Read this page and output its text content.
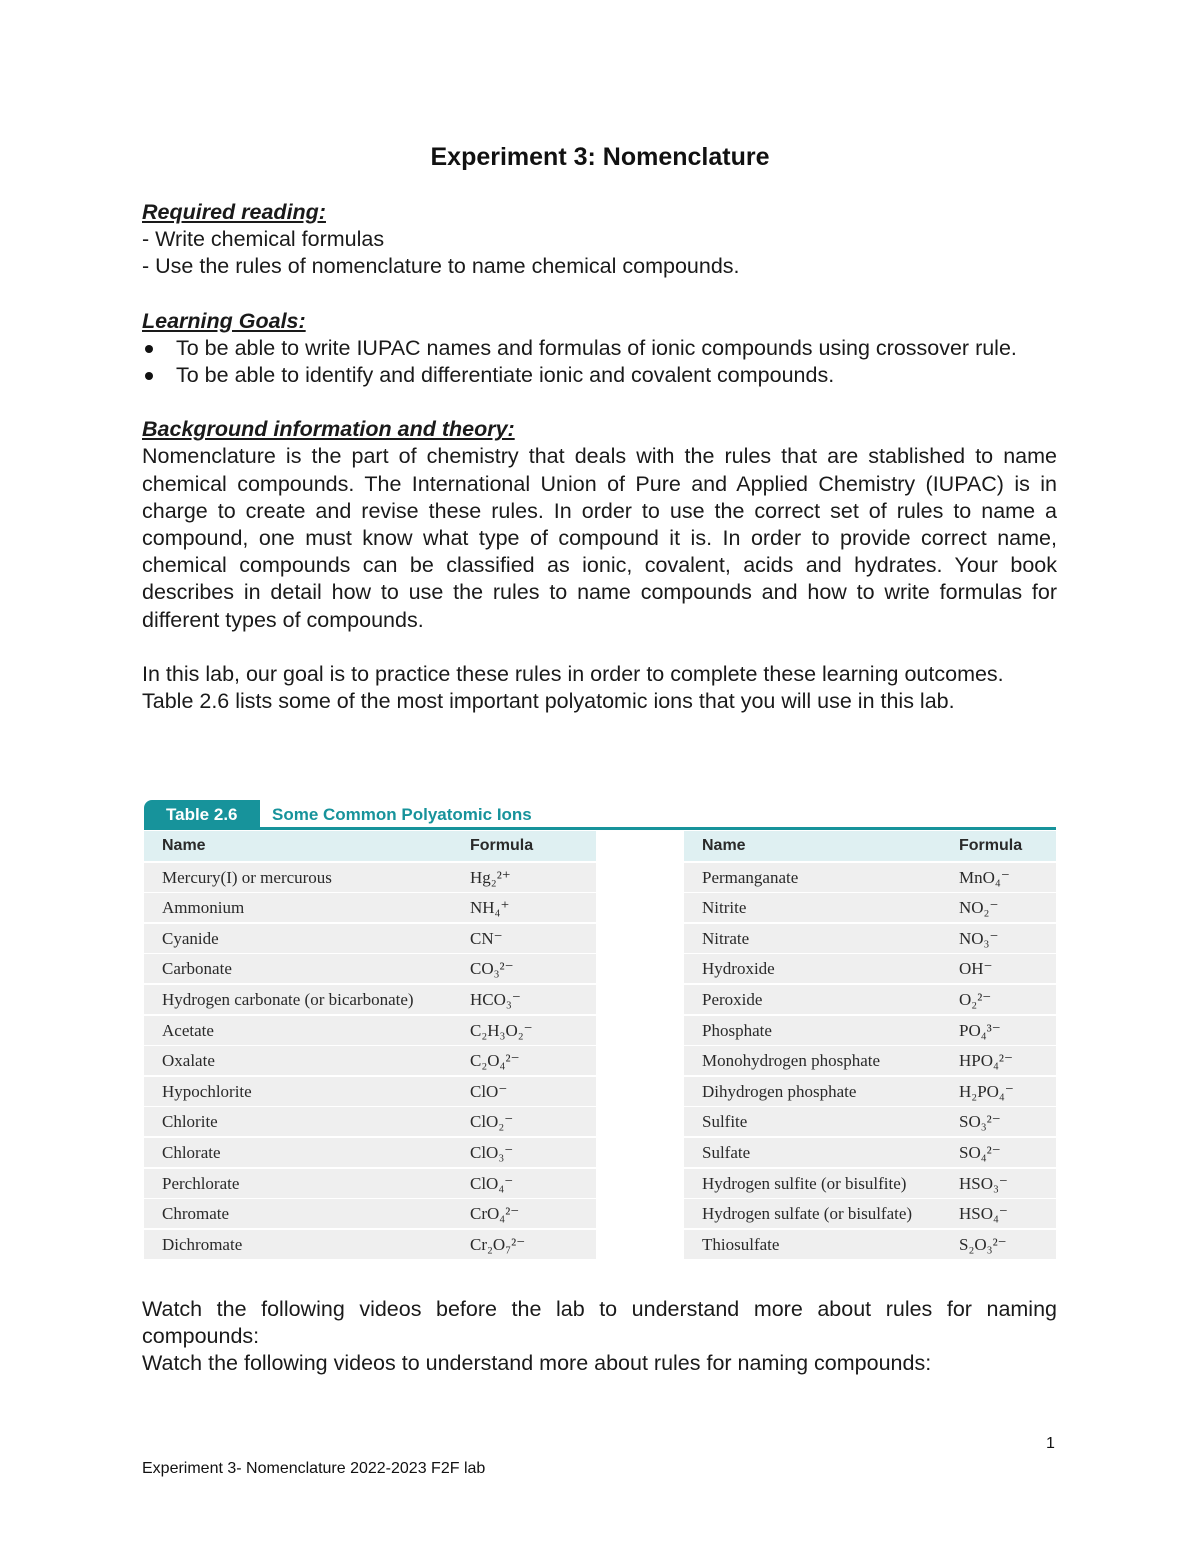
Experiment 3: Nomenclature
Required reading:
- Write chemical formulas
- Use the rules of nomenclature to name chemical compounds.
Learning Goals:
To be able to write IUPAC names and formulas of ionic compounds using crossover rule.
To be able to identify and differentiate ionic and covalent compounds.
Background information and theory:
Nomenclature is the part of chemistry that deals with the rules that are stablished to name chemical compounds. The International Union of Pure and Applied Chemistry (IUPAC) is in charge to create and revise these rules. In order to use the correct set of rules to name a compound, one must know what type of compound it is. In order to provide correct name, chemical compounds can be classified as ionic, covalent, acids and hydrates. Your book describes in detail how to use the rules to name compounds and how to write formulas for different types of compounds.
In this lab, our goal is to practice these rules in order to complete these learning outcomes.
Table 2.6 lists some of the most important polyatomic ions that you will use in this lab.
Table 2.6	Some Common Polyatomic Ions
Name	Formula
Mercury(I) or mercurous	Hg₂²⁺
Ammonium	NH₄⁺
Cyanide	CN⁻
Carbonate	CO₃²⁻
Hydrogen carbonate (or bicarbonate)	HCO₃⁻
Acetate	C₂H₃O₂⁻
Oxalate	C₂O₄²⁻
Hypochlorite	ClO⁻
Chlorite	ClO₂⁻
Chlorate	ClO₃⁻
Perchlorate	ClO₄⁻
Chromate	CrO₄²⁻
Dichromate	Cr₂O₇²⁻
Name	Formula
Permanganate	MnO₄⁻
Nitrite	NO₂⁻
Nitrate	NO₃⁻
Hydroxide	OH⁻
Peroxide	O₂²⁻
Phosphate	PO₄³⁻
Monohydrogen phosphate	HPO₄²⁻
Dihydrogen phosphate	H₂PO₄⁻
Sulfite	SO₃²⁻
Sulfate	SO₄²⁻
Hydrogen sulfite (or bisulfite)	HSO₃⁻
Hydrogen sulfate (or bisulfate)	HSO₄⁻
Thiosulfate	S₂O₃²⁻
Watch the following videos before the lab to understand more about rules for naming compounds:
Watch the following videos to understand more about rules for naming compounds:
1
Experiment 3- Nomenclature 2022-2023 F2F lab
